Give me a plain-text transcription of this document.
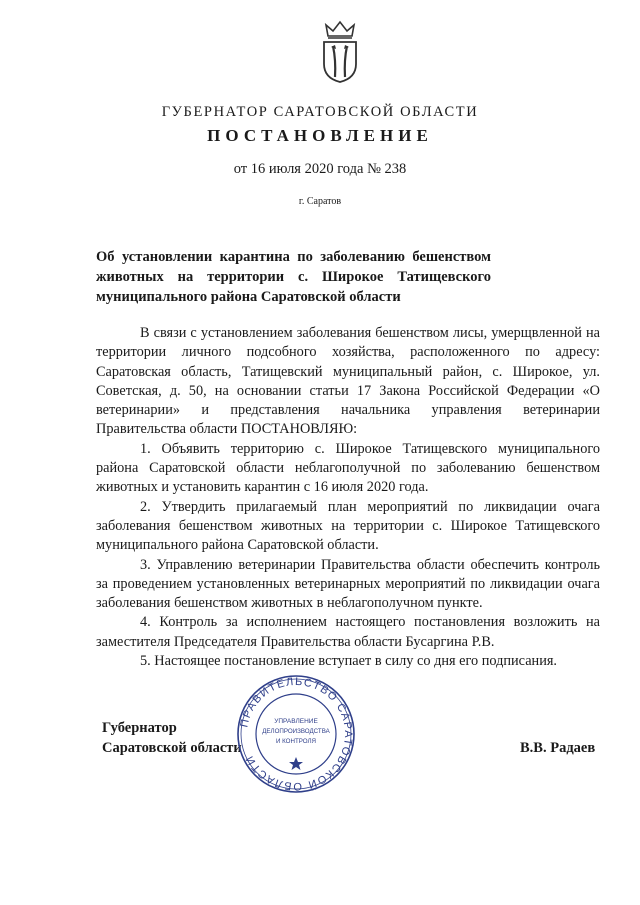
ГУБЕРНАТОР САРАТОВСКОЙ ОБЛАСТИ
ПОСТАНОВЛЕНИЕ
от 16 июля 2020 года № 238
г. Саратов
Об установлении карантина по заболеванию бешенством животных на территории с. Широкое Татищевского муниципального района Саратовской области

В связи с установлением заболевания бешенством лисы, умерщвленной на территории личного подсобного хозяйства, расположенного по адресу: Саратовская область, Татищевский муниципальный район, с. Широкое, ул. Советская, д. 50, на основании статьи 17 Закона Российской Федерации «О ветеринарии» и представления начальника управления ветеринарии Правительства области ПОСТАНОВЛЯЮ:

1. Объявить территорию с. Широкое Татищевского муниципального района Саратовской области неблагополучной по заболеванию бешенством животных и установить карантин с 16 июля 2020 года.

2. Утвердить прилагаемый план мероприятий по ликвидации очага заболевания бешенством животных на территории с. Широкое Татищевского муниципального района Саратовской области.

3. Управлению ветеринарии Правительства области обеспечить контроль за проведением установленных ветеринарных мероприятий по ликвидации очага заболевания бешенством животных в неблагополучном пункте.

4. Контроль за исполнением настоящего постановления возложить на заместителя Председателя Правительства области Бусаргина Р.В.

5. Настоящее постановление вступает в силу со дня его подписания.

Губернатор
Саратовской области	В.В. Радаев
ПРАВИТЕЛЬСТВО САРАТОВСКОЙ ОБЛАСТИ
УПРАВЛЕНИЕ
ДЕЛОПРОИЗВОДСТВА
И КОНТРОЛЯ
